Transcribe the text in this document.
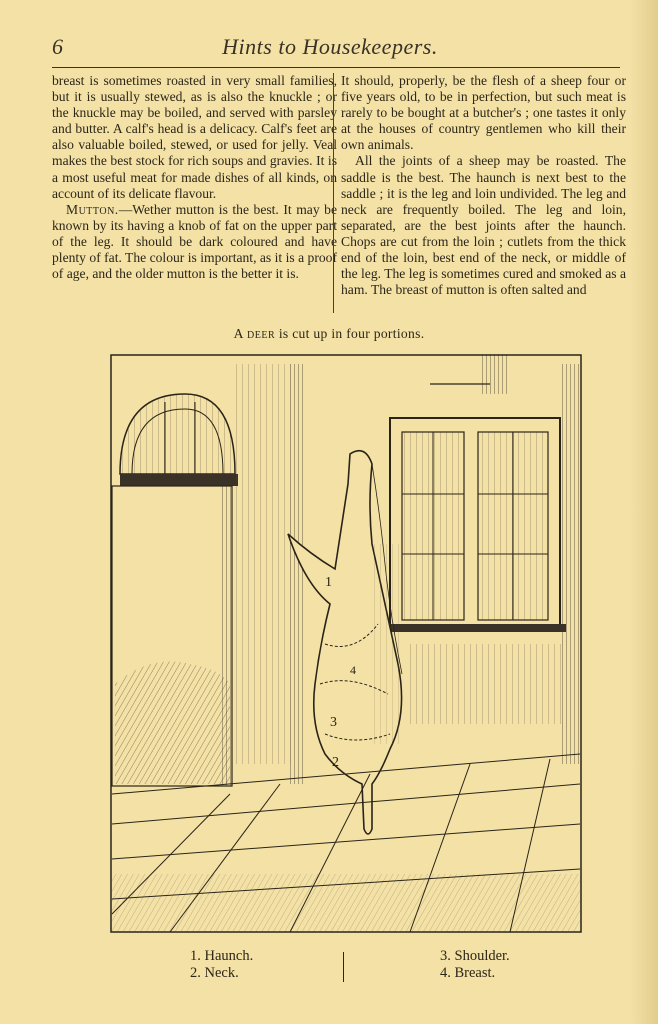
6	Hints to Housekeepers.

breast is sometimes roasted in very small families, but it is usually stewed, as is also the knuckle ; or the knuckle may be boiled, and served with parsley and butter. A calf's head is a delicacy. Calf's feet are also valuable boiled, stewed, or used for jelly. Veal makes the best stock for rich soups and gravies. It is a most useful meat for made dishes of all kinds, on account of its delicate flavour.

Mutton.—Wether mutton is the best. It may be known by its having a knob of fat on the upper part of the leg. It should be dark coloured and have plenty of fat. The colour is important, as it is a proof of age, and the older mutton is the better it is.

It should, properly, be the flesh of a sheep four or five years old, to be in perfection, but such meat is rarely to be bought at a butcher's ; one tastes it only at the houses of country gentlemen who kill their own animals.

All the joints of a sheep may be roasted. The saddle is the best. The haunch is next best to the saddle ; it is the leg and loin undivided. The leg and neck are frequently boiled. The leg and loin, separated, are the best joints after the haunch. Chops are cut from the loin ; cutlets from the thick end of the loin, best end of the neck, or middle of the leg. The leg is sometimes cured and smoked as a ham. The breast of mutton is often salted and

A deer is cut up in four portions.
1
2
3
4
1. Haunch.
2. Neck.
3. Shoulder.
4. Breast.
